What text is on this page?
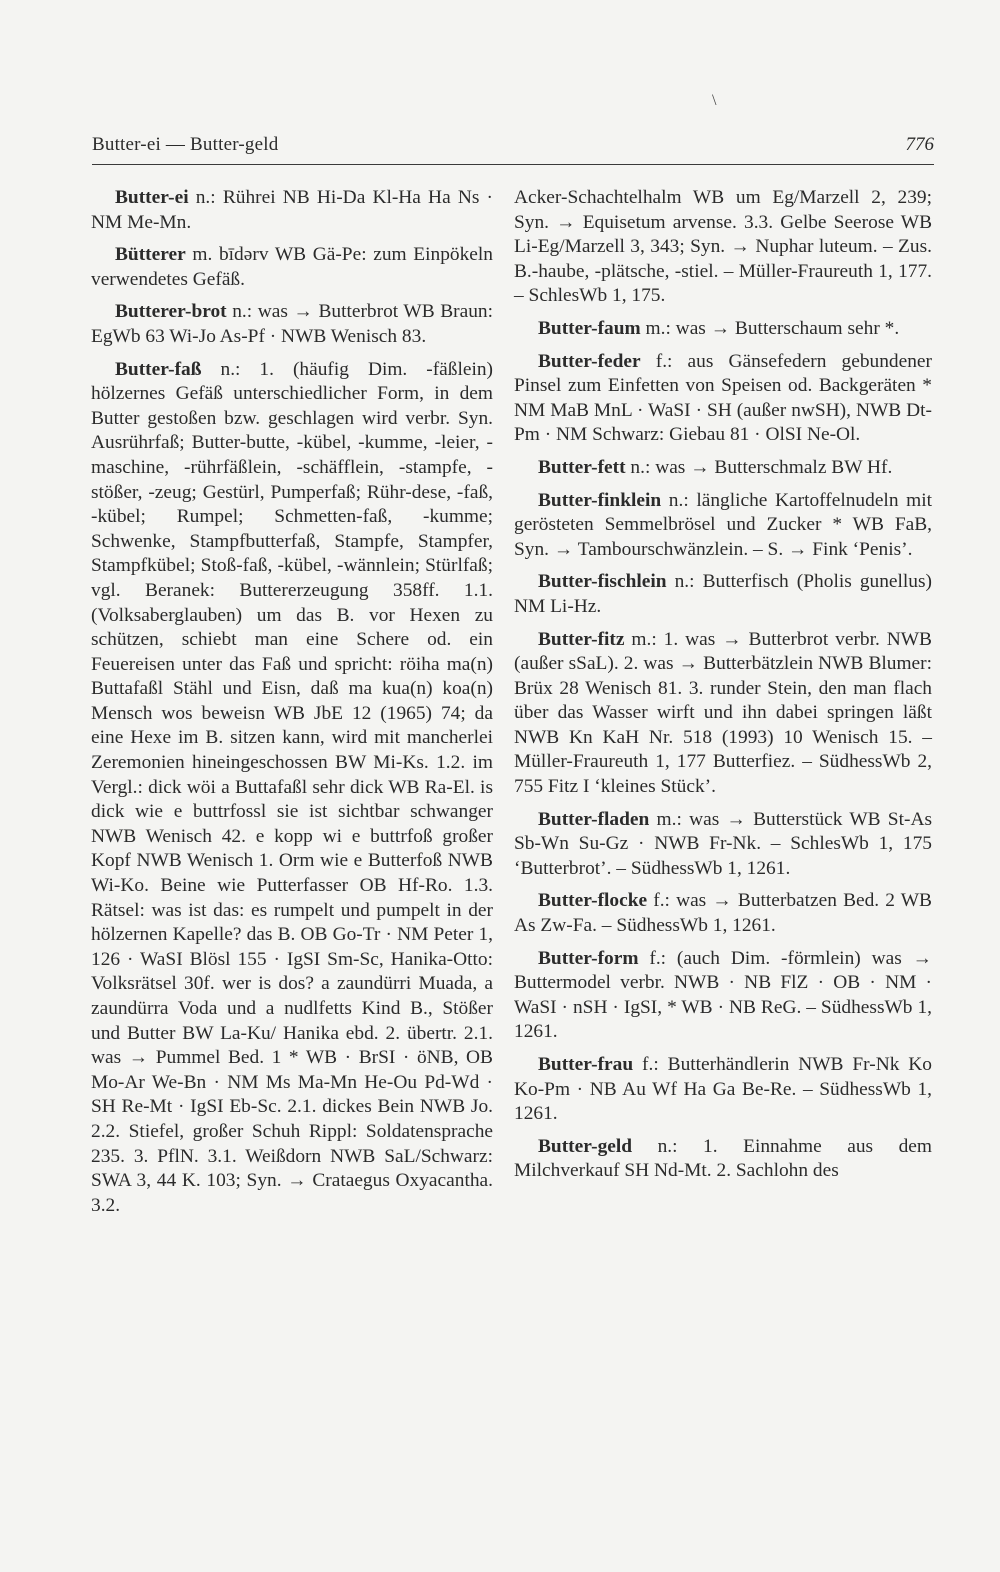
Butter-ei — Butter-geld
\
776

Butter-ei n.: Rührei NB Hi-Da Kl-Ha Ha Ns · NM Me-Mn.

Bütterer m. bīdərv WB Gä-Pe: zum Einpökeln verwendetes Gefäß.

Butterer-brot n.: was → Butterbrot WB Braun: EgWb 63 Wi-Jo As-Pf · NWB Wenisch 83.

Butter-faß n.: 1. (häufig Dim. -fäßlein) hölzernes Gefäß unterschiedlicher Form, in dem Butter gestoßen bzw. geschlagen wird verbr. Syn. Ausrührfaß; Butter-butte, -kübel, -kumme, -leier, -maschine, -rührfäßlein, -schäfflein, -stampfe, -stößer, -zeug; Gestürl, Pumperfaß; Rühr-dese, -faß, -kübel; Rumpel; Schmetten-faß, -kumme; Schwenke, Stampfbutterfaß, Stampfe, Stampfer, Stampfkübel; Stoß-faß, -kübel, -wännlein; Stürlfaß; vgl. Beranek: Buttererzeugung 358ff. 1.1. (Volksaberglauben) um das B. vor Hexen zu schützen, schiebt man eine Schere od. ein Feuereisen unter das Faß und spricht: röiha ma(n) Buttafaßl Stähl und Eisn, daß ma kua(n) koa(n) Mensch wos beweisn WB JbE 12 (1965) 74; da eine Hexe im B. sitzen kann, wird mit mancherlei Zeremonien hineingeschossen BW Mi-Ks. 1.2. im Vergl.: dick wöi a Buttafaßl sehr dick WB Ra-El. is dick wie e buttrfossl sie ist sichtbar schwanger NWB Wenisch 42. e kopp wi e buttrfoß großer Kopf NWB Wenisch 1. Orm wie e Butterfoß NWB Wi-Ko. Beine wie Putterfasser OB Hf-Ro. 1.3. Rätsel: was ist das: es rumpelt und pumpelt in der hölzernen Kapelle? das B. OB Go-Tr · NM Peter 1, 126 · WaSI Blösl 155 · IgSI Sm-Sc, Hanika-Otto: Volksrätsel 30f. wer is dos? a zaundürri Muada, a zaundürra Voda und a nudlfetts Kind B., Stößer und Butter BW La-Ku/ Hanika ebd. 2. übertr. 2.1. was → Pummel Bed. 1 * WB · BrSI · öNB, OB Mo-Ar We-Bn · NM Ms Ma-Mn He-Ou Pd-Wd · SH Re-Mt · IgSI Eb-Sc. 2.1. dickes Bein NWB Jo. 2.2. Stiefel, großer Schuh Rippl: Soldatensprache 235. 3. PflN. 3.1. Weißdorn NWB SaL/Schwarz: SWA 3, 44 K. 103; Syn. → Crataegus Oxyacantha. 3.2.

Acker-Schachtelhalm WB um Eg/Marzell 2, 239; Syn. → Equisetum arvense. 3.3. Gelbe Seerose WB Li-Eg/Marzell 3, 343; Syn. → Nuphar luteum. – Zus. B.-haube, -plätsche, -stiel. – Müller-Fraureuth 1, 177. – SchlesWb 1, 175.

Butter-faum m.: was → Butterschaum sehr *.

Butter-feder f.: aus Gänsefedern gebundener Pinsel zum Einfetten von Speisen od. Backgeräten * NM MaB MnL · WaSI · SH (außer nwSH), NWB Dt-Pm · NM Schwarz: Giebau 81 · OlSI Ne-Ol.

Butter-fett n.: was → Butterschmalz BW Hf.

Butter-finklein n.: längliche Kartoffelnudeln mit gerösteten Semmelbrösel und Zucker * WB FaB, Syn. → Tambourschwänzlein. – S. → Fink ‘Penis’.

Butter-fischlein n.: Butterfisch (Pholis gunellus) NM Li-Hz.

Butter-fitz m.: 1. was → Butterbrot verbr. NWB (außer sSaL). 2. was → Butterbätzlein NWB Blumer: Brüx 28 Wenisch 81. 3. runder Stein, den man flach über das Wasser wirft und ihn dabei springen läßt NWB Kn KaH Nr. 518 (1993) 10 Wenisch 15. – Müller-Fraureuth 1, 177 Butterfiez. – SüdhessWb 2, 755 Fitz I ‘kleines Stück’.

Butter-fladen m.: was → Butterstück WB St-As Sb-Wn Su-Gz · NWB Fr-Nk. – SchlesWb 1, 175 ‘Butterbrot’. – SüdhessWb 1, 1261.

Butter-flocke f.: was → Butterbatzen Bed. 2 WB As Zw-Fa. – SüdhessWb 1, 1261.

Butter-form f.: (auch Dim. -förmlein) was → Buttermodel verbr. NWB · NB FlZ · OB · NM · WaSI · nSH · IgSI, * WB · NB ReG. – SüdhessWb 1, 1261.

Butter-frau f.: Butterhändlerin NWB Fr-Nk Ko Ko-Pm · NB Au Wf Ha Ga Be-Re. – SüdhessWb 1, 1261.

Butter-geld n.: 1. Einnahme aus dem Milchverkauf SH Nd-Mt. 2. Sachlohn des
